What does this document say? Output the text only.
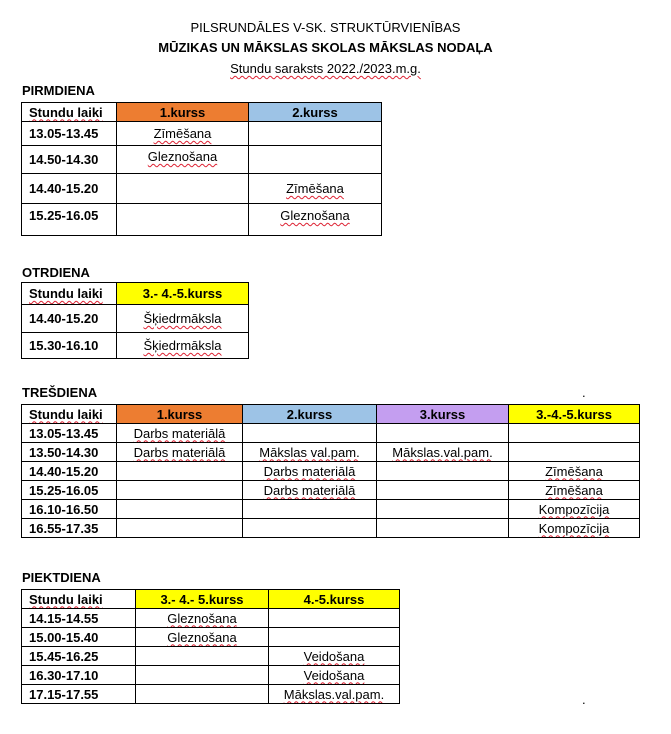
PILSRUNDĀLES V-SK. STRUKTŪRVIENĪBAS
MŪZIKAS UN MĀKSLAS SKOLAS MĀKSLAS NODAĻA
Stundu saraksts 2022./2023.m.g.
PIRMDIENA
Stundu laiki	1.kurss	2.kurss
13.05-13.45	Zīmēšana	
14.50-14.30	Gleznošana	
14.40-15.20		Zīmēšana
15.25-16.05		Gleznošana
OTRDIENA
Stundu laiki	3.- 4.-5.kurss
14.40-15.20	Šķiedrmāksla
15.30-16.10	Šķiedrmāksla
TREŠDIENA	.
Stundu laiki	1.kurss	2.kurss	3.kurss	3.-4.-5.kurss
13.05-13.45	Darbs materiālā			
13.50-14.30	Darbs materiālā	Mākslas val.pam.	Mākslas.val.pam.	
14.40-15.20		Darbs materiālā		Zīmēšana
15.25-16.05		Darbs materiālā		Zīmēšana
16.10-16.50				Kompozīcija
16.55-17.35				Kompozīcija
PIEKTDIENA
Stundu laiki	3.- 4.- 5.kurss	4.-5.kurss
14.15-14.55	Gleznošana	
15.00-15.40	Gleznošana	
15.45-16.25		Veidošana
16.30-17.10		Veidošana
17.15-17.55		Mākslas.val.pam.	.
